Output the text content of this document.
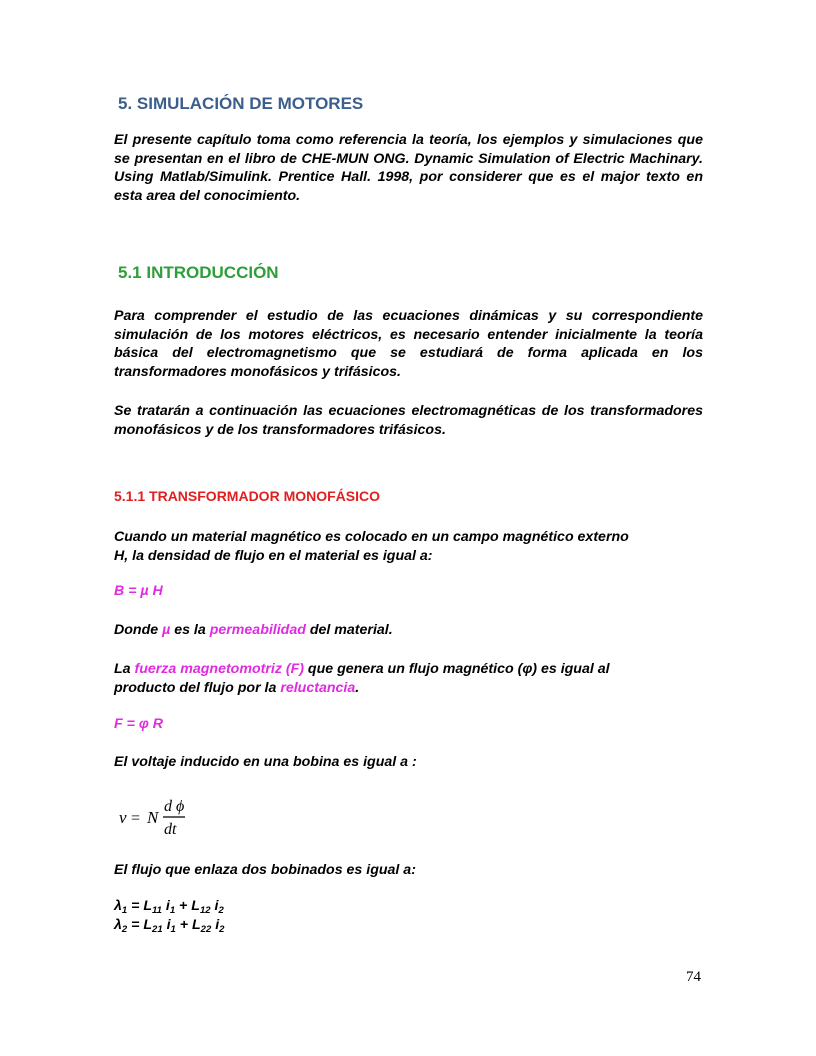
5. SIMULACIÓN DE MOTORES

El presente capítulo toma como referencia la teoría, los ejemplos y simulaciones que se presentan en el libro de CHE-MUN ONG. Dynamic Simulation of Electric Machinary. Using Matlab/Simulink. Prentice Hall. 1998, por considerer que es el major texto en esta area del conocimiento.

5.1 INTRODUCCIÓN

Para comprender el estudio de las ecuaciones dinámicas y su correspondiente simulación de los motores eléctricos, es necesario entender inicialmente la teoría básica del electromagnetismo que se estudiará de forma aplicada en los transformadores monofásicos y trifásicos.

Se tratarán a continuación las ecuaciones electromagnéticas de los transformadores monofásicos y de los transformadores trifásicos.

5.1.1 TRANSFORMADOR MONOFÁSICO

Cuando un material magnético es colocado en un campo magnético externo

H, la densidad de flujo en el material es igual a:

B = µ H

Donde µ es la permeabilidad del material.

La fuerza magnetomotriz (F) que genera un flujo magnético (φ) es igual al

producto del flujo por la reluctancia.

F = φ R

El voltaje inducido en una bobina es igual a :

v = N
d ϕ
dt

El flujo que enlaza dos bobinados es igual a:

$\lambda_1 = L_{11}$ $i_1 + L_{12}$ $i_2$

$\lambda_2 = L_{21}$ $i_1 + L_{22}$ $i_2$

74
